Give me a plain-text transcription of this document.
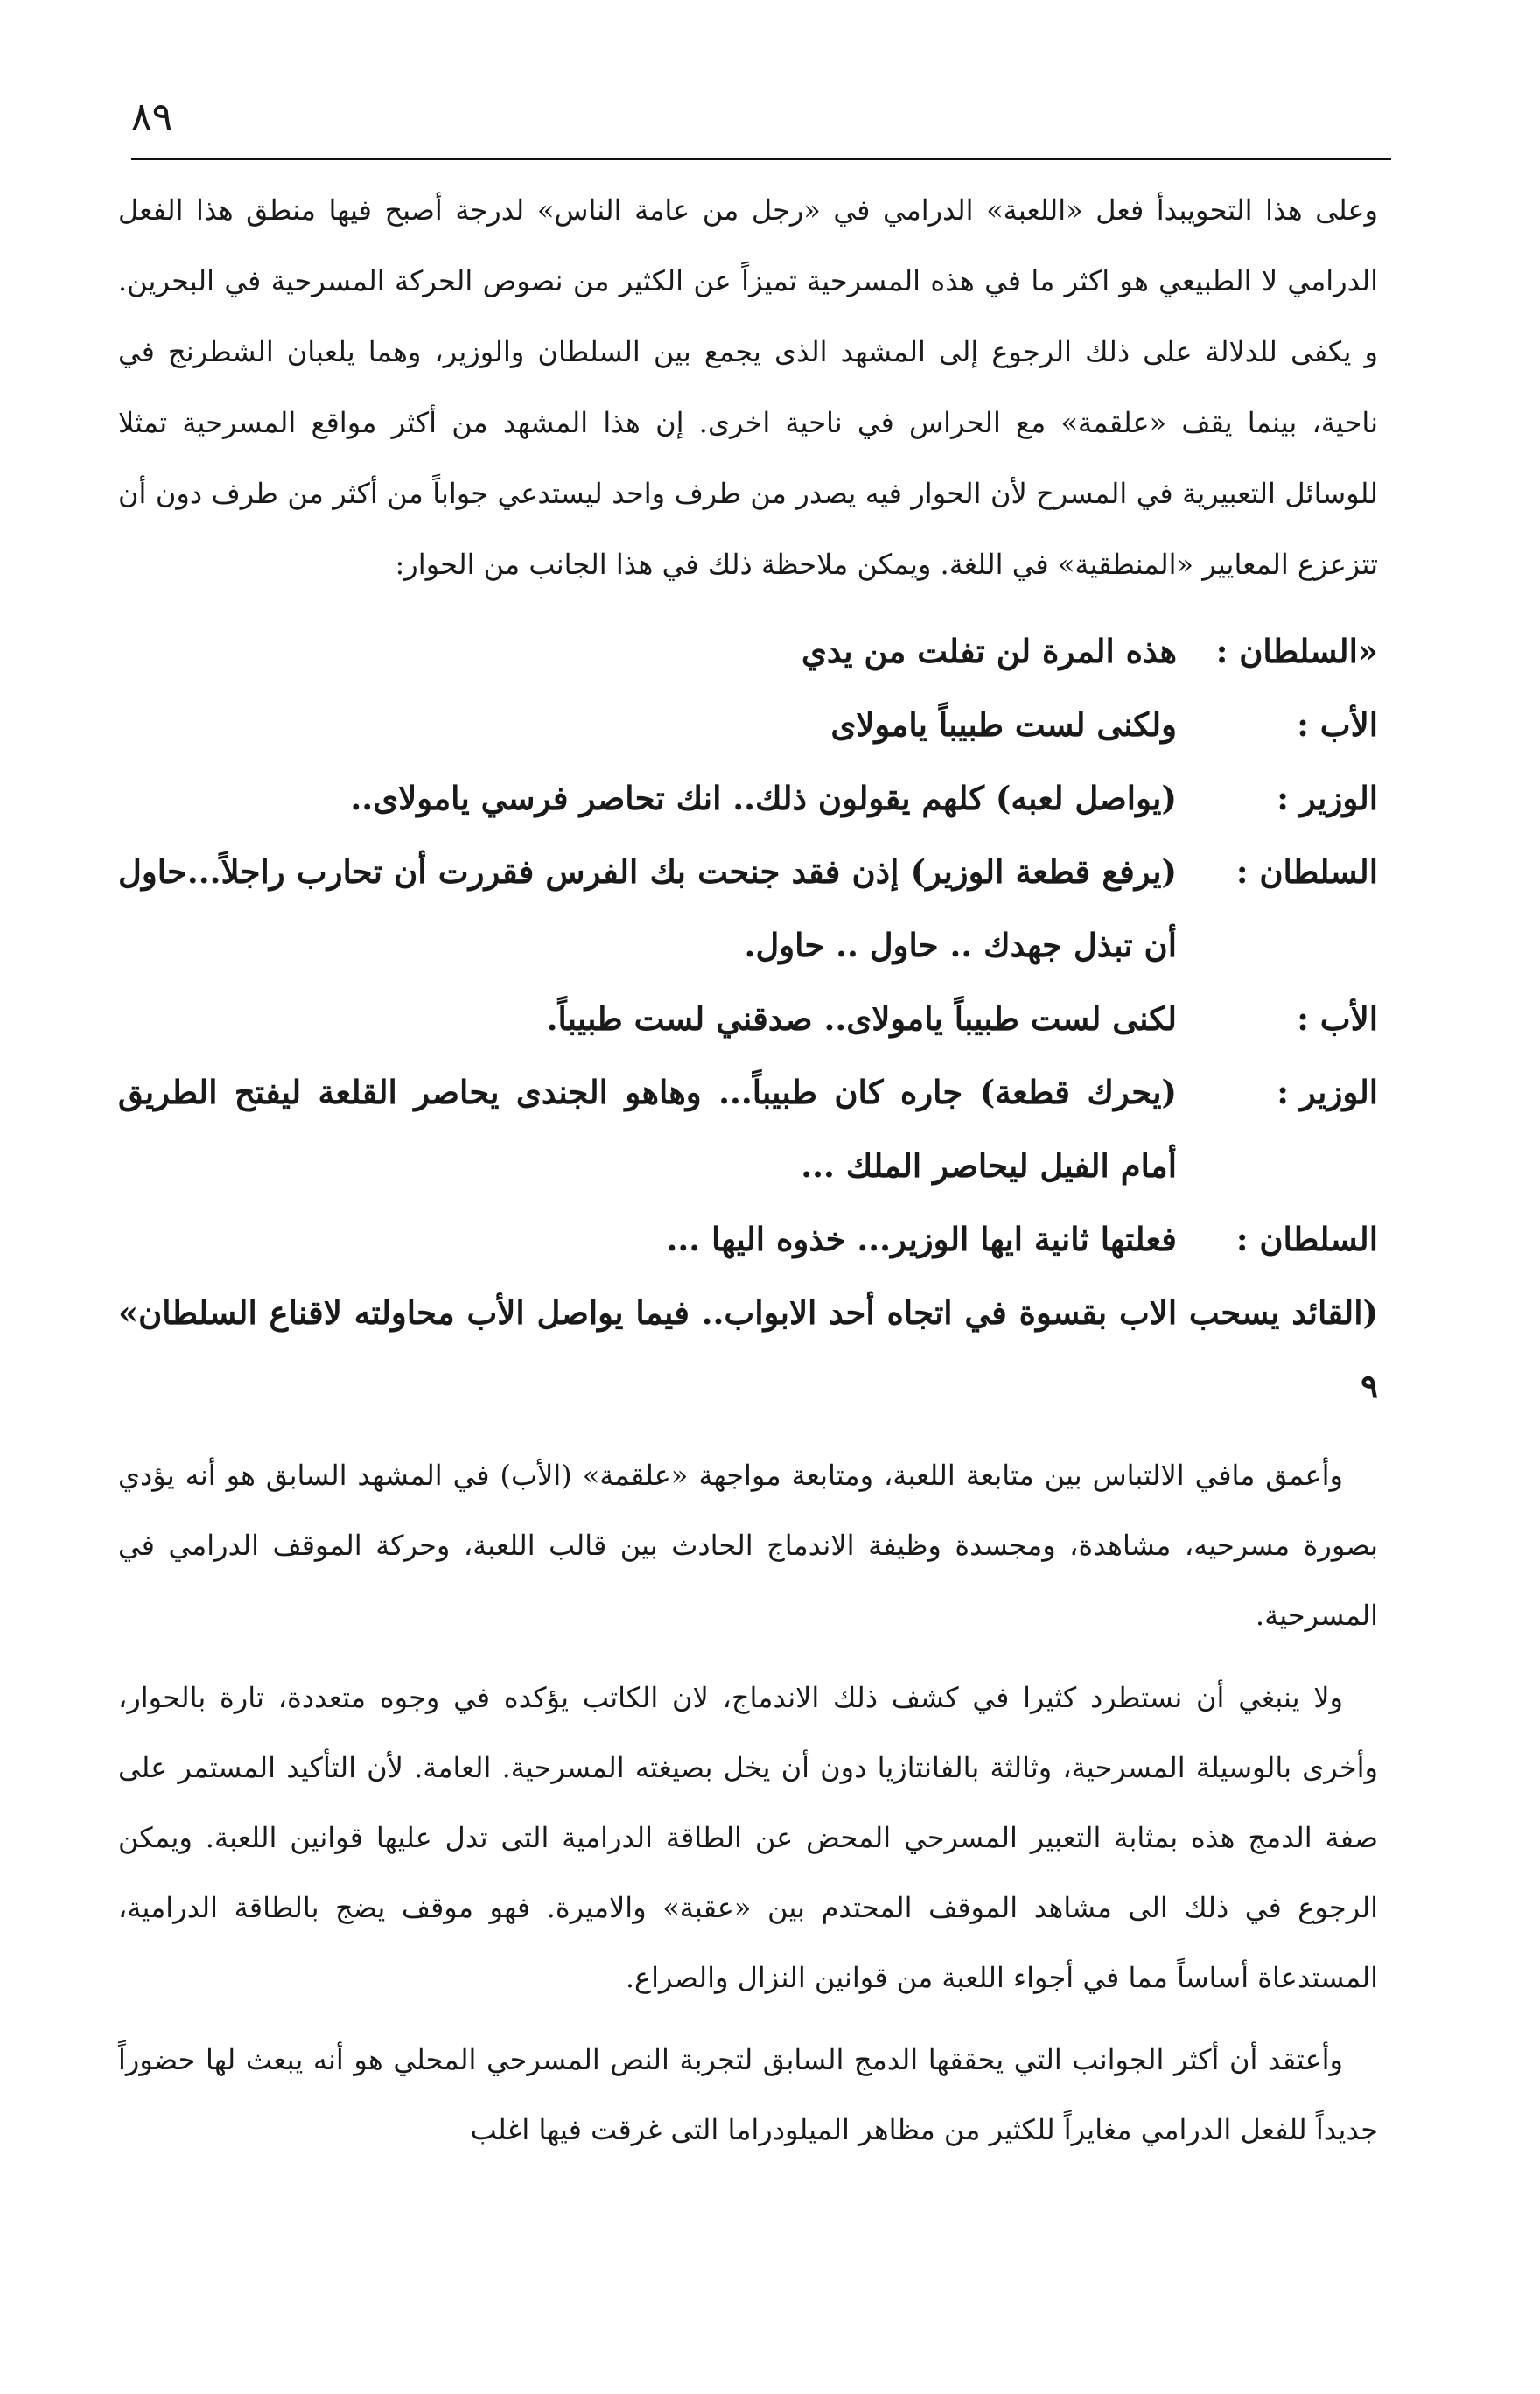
٨٩

وعلى هذا التحويبدأ فعل «اللعبة» الدرامي في «رجل من عامة الناس» لدرجة أصبح فيها منطق هذا الفعل الدرامي لا الطبيعي هو اكثر ما في هذه المسرحية تميزاً عن الكثير من نصوص الحركة المسرحية في البحرين. و يكفى للدلالة على ذلك الرجوع إلى المشهد الذى يجمع بين السلطان والوزير، وهما يلعبان الشطرنج في ناحية، بينما يقف «علقمة» مع الحراس في ناحية اخرى. إن هذا المشهد من أكثر مواقع المسرحية تمثلا للوسائل التعبيرية في المسرح لأن الحوار فيه يصدر من طرف واحد ليستدعي جواباً من أكثر من طرف دون أن تتزعزع المعايير «المنطقية» في اللغة. ويمكن ملاحظة ذلك في هذا الجانب من الحوار:

«السلطان :
هذه المرة لن تفلت من يدي
الأب :
ولكنى لست طبيباً يامولاى
الوزير :
(يواصل لعبه) كلهم يقولون ذلك.. انك تحاصر فرسي يامولاى..
السلطان :
(يرفع قطعة الوزير) إذن فقد جنحت بك الفرس فقررت أن تحارب راجلاً...حاول أن تبذل جهدك .. حاول .. حاول.
الأب :
لكنى لست طبيباً يامولاى.. صدقني لست طبيباً.
الوزير :
(يحرك قطعة) جاره كان طبيباً... وهاهو الجندى يحاصر القلعة ليفتح الطريق أمام الفيل ليحاصر الملك ...
السلطان :
فعلتها ثانية ايها الوزير... خذوه اليها ...

(القائد يسحب الاب بقسوة في اتجاه أحد الابواب.. فيما يواصل الأب محاولته لاقناع السلطان» ٩

وأعمق مافي الالتباس بين متابعة اللعبة، ومتابعة مواجهة «علقمة» (الأب) في المشهد السابق هو أنه يؤدي بصورة مسرحيه، مشاهدة، ومجسدة وظيفة الاندماج الحادث بين قالب اللعبة، وحركة الموقف الدرامي في المسرحية.

ولا ينبغي أن نستطرد كثيرا في كشف ذلك الاندماج، لان الكاتب يؤكده في وجوه متعددة، تارة بالحوار، وأخرى بالوسيلة المسرحية، وثالثة بالفانتازيا دون أن يخل بصيغته المسرحية. العامة. لأن التأكيد المستمر على صفة الدمج هذه بمثابة التعبير المسرحي المحض عن الطاقة الدرامية التى تدل عليها قوانين اللعبة. ويمكن الرجوع في ذلك الى مشاهد الموقف المحتدم بين «عقبة» والاميرة. فهو موقف يضج بالطاقة الدرامية، المستدعاة أساساً مما في أجواء اللعبة من قوانين النزال والصراع.

وأعتقد أن أكثر الجوانب التي يحققها الدمج السابق لتجربة النص المسرحي المحلي هو أنه يبعث لها حضوراً جديداً للفعل الدرامي مغايراً للكثير من مظاهر الميلودراما التى غرقت فيها اغلب
